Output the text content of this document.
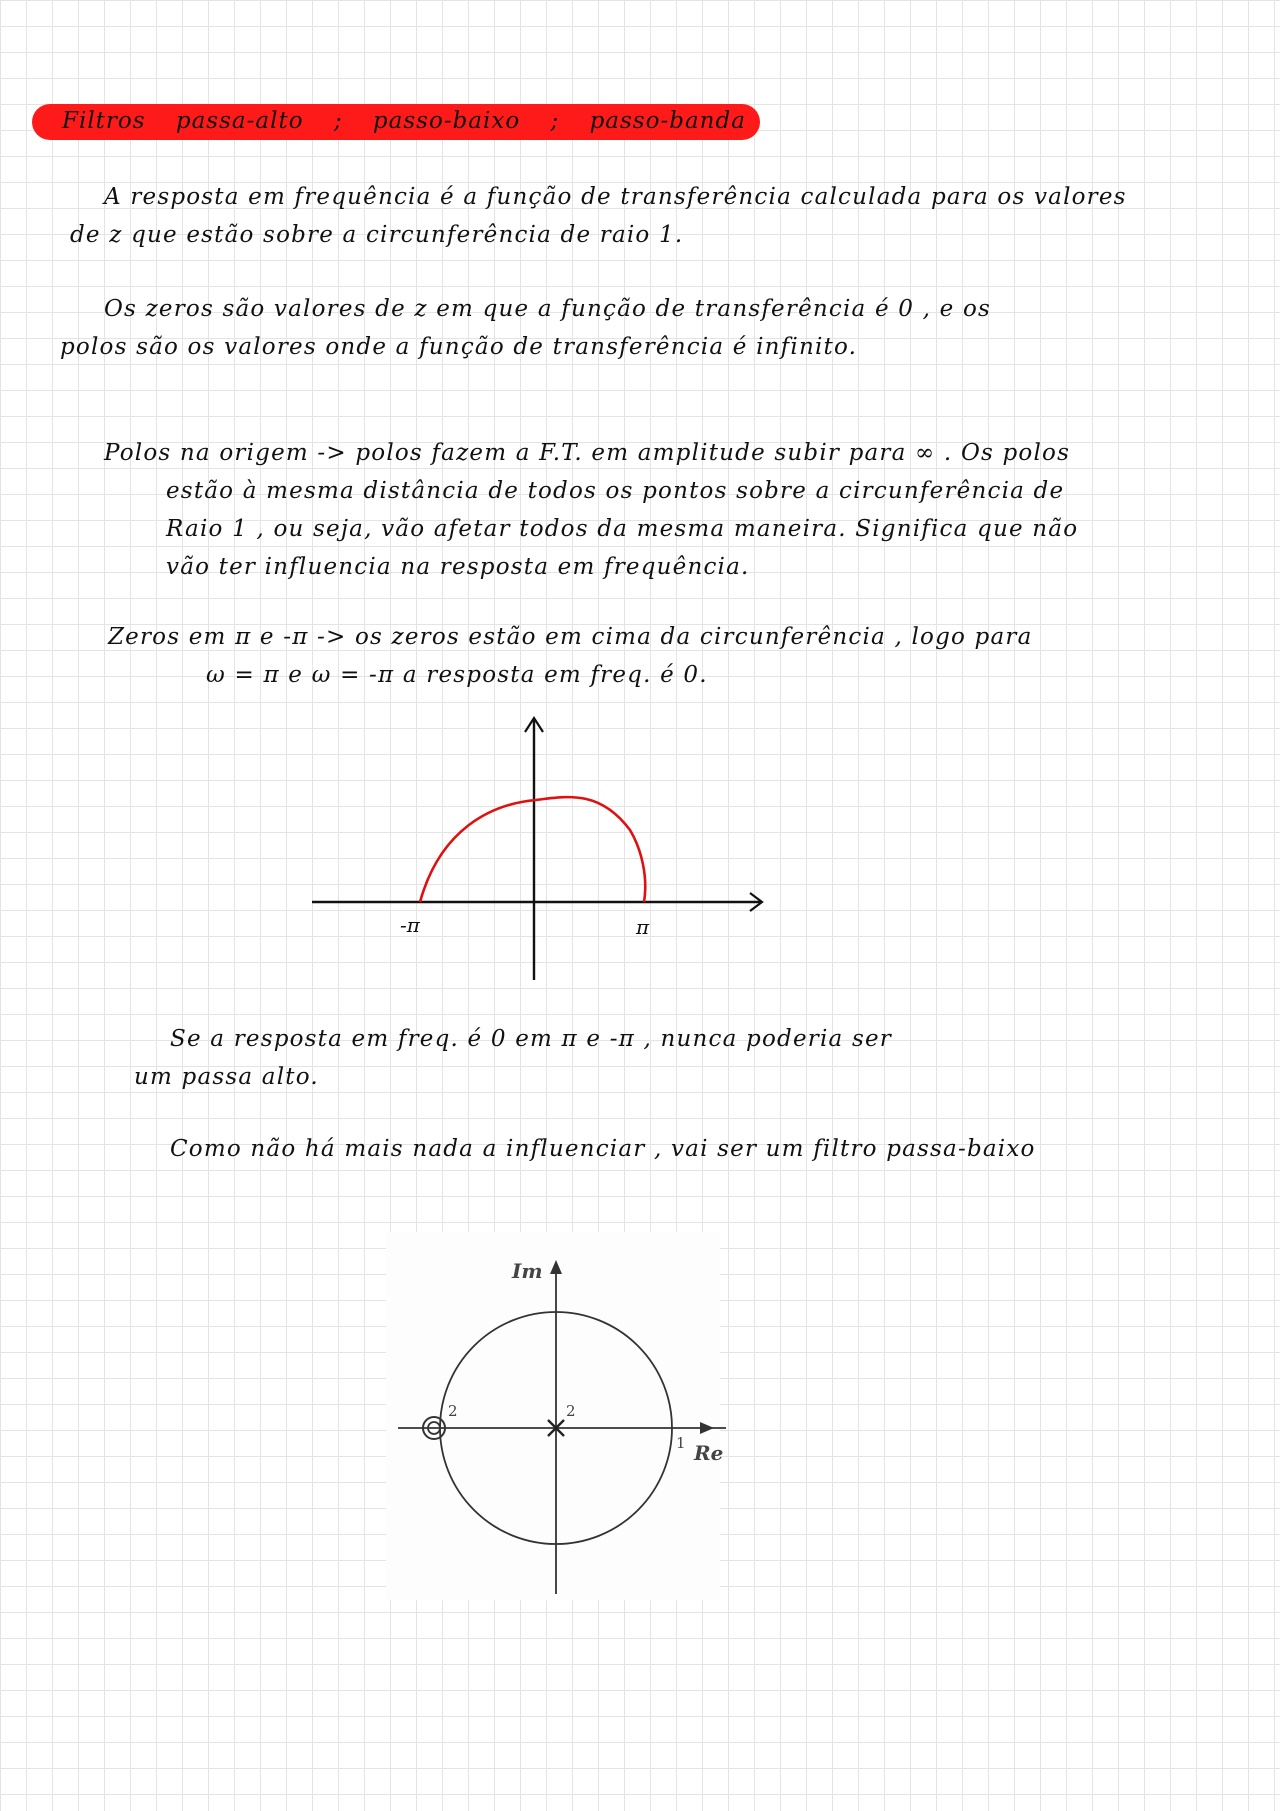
Filtros passa-alto ; passo-baixo ; passo-banda

A resposta em frequência é a função de transferência calculada para os valores

de z que estão sobre a circunferência de raio 1.

Os zeros são valores de z em que a função de transferência é 0 , e os

polos são os valores onde a função de transferência é infinito.

Polos na origem -> polos fazem a F.T. em amplitude subir para ∞ . Os polos

estão à mesma distância de todos os pontos sobre a circunferência de

Raio 1 , ou seja, vão afetar todos da mesma maneira. Significa que não

vão ter influencia na resposta em frequência.

Zeros em π e -π -> os zeros estão em cima da circunferência , logo para

ω = π e ω = -π a resposta em freq. é 0.

-π	π

Se a resposta em freq. é 0 em π e -π , nunca poderia ser

um passa alto.

Como não há mais nada a influenciar , vai ser um filtro passa-baixo

Im
Re
1
2	2
